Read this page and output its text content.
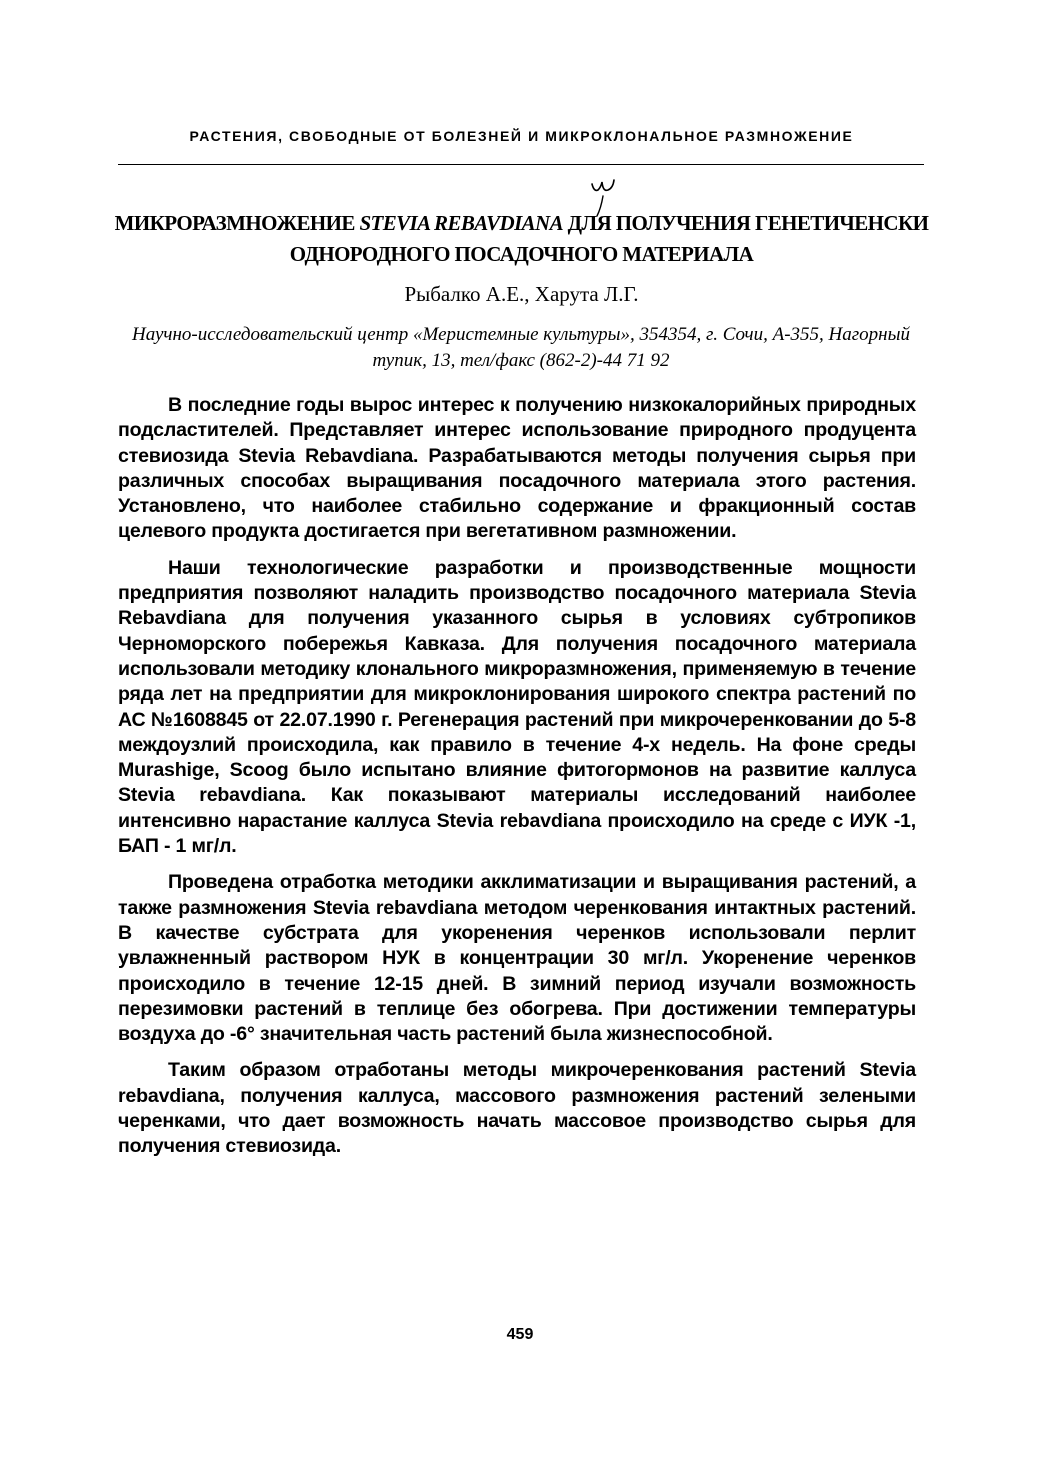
РАСТЕНИЯ, СВОБОДНЫЕ ОТ БОЛЕЗНЕЙ И МИКРОКЛОНАЛЬНОЕ РАЗМНОЖЕНИЕ
МИКРОРАЗМНОЖЕНИЕ STEVIA REBAVDIANA ДЛЯ ПОЛУЧЕНИЯ ГЕНЕТИЧЕНСКИ ОДНОРОДНОГО ПОСАДОЧНОГО МАТЕРИАЛА
Рыбалко А.Е., Харута Л.Г.
Научно-исследовательский центр «Меристемные культуры», 354354, г. Сочи, А-355, Нагорный тупик, 13, тел/факс (862-2)-44 71 92

В последние годы вырос интерес к получению низкокалорийных природных подсластителей. Представляет интерес использование природного продуцента стевиозида Stevia Rebavdiana. Разрабатываются методы получения сырья при различных способах выращивания посадочного материала этого растения. Установлено, что наиболее стабильно содержание и фракционный состав целевого продукта достигается при вегетативном размножении.

Наши технологические разработки и производственные мощности предприятия позволяют наладить производство посадочного материала Stevia Rebavdiana для получения указанного сырья в условиях субтропиков Черноморского побережья Кавказа. Для получения посадочного материала использовали методику клонального микроразмножения, применяемую в течение ряда лет на предприятии для микроклонирования широкого спектра растений по АС №1608845 от 22.07.1990 г. Регенерация растений при микрочеренковании до 5-8 междоузлий происходила, как правило в течение 4-х недель. На фоне среды Murashige, Scoog было испытано влияние фитогормонов на развитие каллуса Stevia rebavdiana. Как показывают материалы исследований наиболее интенсивно нарастание каллуса Stevia rebavdiana происходило на среде с ИУК -1, БАП - 1 мг/л.

Проведена отработка методики акклиматизации и выращивания растений, а также размножения Stevia rebavdiana методом черенкования интактных растений. В качестве субстрата для укоренения черенков использовали перлит увлажненный раствором НУК в концентрации 30 мг/л. Укоренение черенков происходило в течение 12-15 дней. В зимний период изучали возможность перезимовки растений в теплице без обогрева. При достижении температуры воздуха до -6° значительная часть растений была жизнеспособной.

Таким образом отработаны методы микрочеренкования растений Stevia rebavdiana, получения каллуса, массового размножения растений зелеными черенками, что дает возможность начать массовое производство сырья для получения стевиозида.

459
